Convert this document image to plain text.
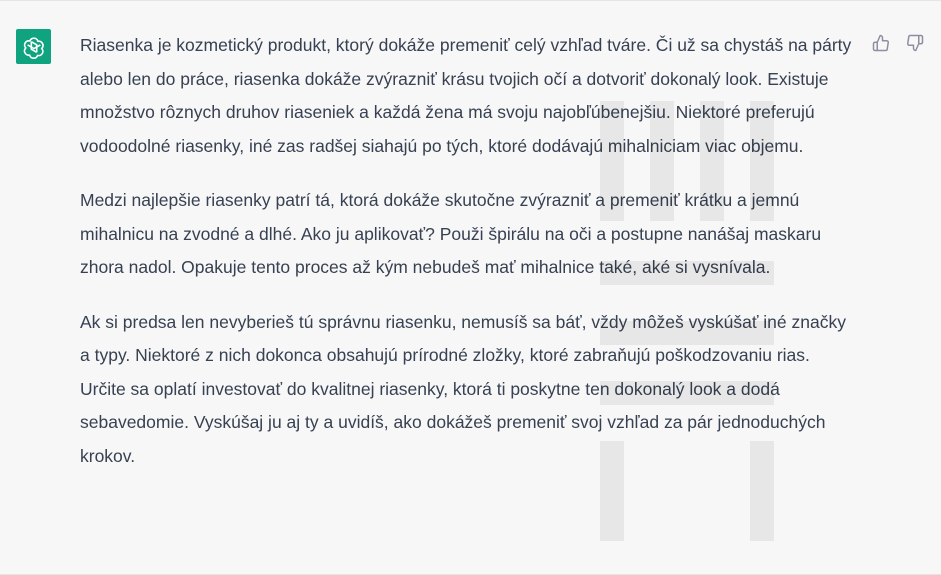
Riasenka je kozmetický produkt, ktorý dokáže premeniť celý vzhľad tváre. Či už sa chystáš na párty alebo len do práce, riasenka dokáže zvýrazniť krásu tvojich očí a dotvoriť dokonalý look. Existuje množstvo rôznych druhov riaseniek a každá žena má svoju najobľúbenejšiu. Niektoré preferujú vodoodolné riasenky, iné zas radšej siahajú po tých, ktoré dodávajú mihalniciam viac objemu.

Medzi najlepšie riasenky patrí tá, ktorá dokáže skutočne zvýrazniť a premeniť krátku a jemnú mihalnicu na zvodné a dlhé. Ako ju aplikovať? Použi špirálu na oči a postupne nanášaj maskaru zhora nadol. Opakuje tento proces až kým nebudeš mať mihalnice také, aké si vysnívala.

Ak si predsa len nevyberieš tú správnu riasenku, nemusíš sa báť, vždy môžeš vyskúšať iné značky a typy. Niektoré z nich dokonca obsahujú prírodné zložky, ktoré zabraňujú poškodzovaniu rias. Určite sa oplatí investovať do kvalitnej riasenky, ktorá ti poskytne ten dokonalý look a dodá sebavedomie. Vyskúšaj ju aj ty a uvidíš, ako dokážeš premeniť svoj vzhľad za pár jednoduchých krokov.
